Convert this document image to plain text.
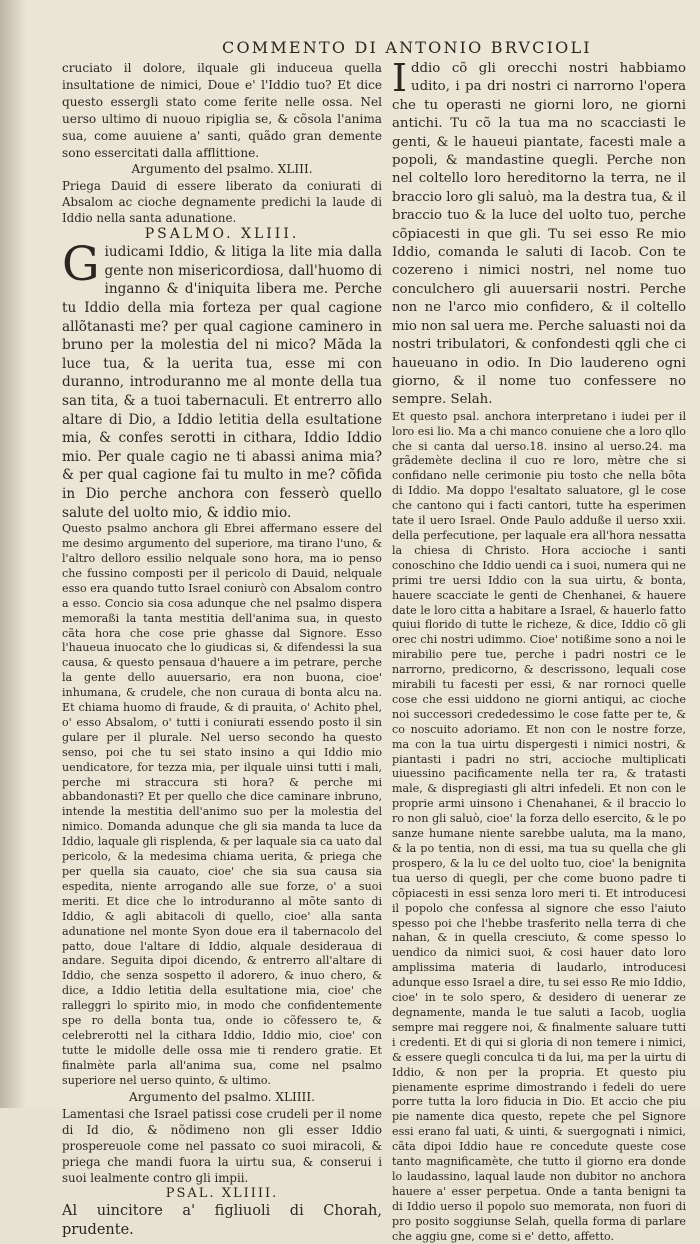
COMMENTO DI ANTONIO BRVCIOLI

cruciato il dolore, ilquale gli induceua quella insultatione de nimici, Doue e' l'Iddio tuo? Et dice questo essergli stato come ferite nelle ossa. Nel uerso ultimo di nuouo ripiglia se, & cõsola l'anima sua, come auuiene a' santi, quãdo gran demente sono essercitati dalla afflittione.

Argumento del psalmo. XLIII.

Priega Dauid di essere liberato da coniurati di Absalom ac cioche degnamente predichi la laude di Iddio nella santa adunatione.

PSALMO. XLIII.

G iudicami Iddio, & litiga la lite mia dalla gente non misericordiosa, dall'huomo di inganno & d'iniquita libera me. Perche tu Iddio della mia forteza per qual cagione allõtanasti me? per qual cagione caminero in bruno per la molestia del ni mico? Mãda la luce tua, & la uerita tua, esse mi con duranno, introduranno me al monte della tua san tita, & a tuoi tabernaculi. Et entrerro allo altare di Dio, a Iddio letitia della esultatione mia, & confes serotti in cithara, Iddio Iddio mio. Per quale cagio ne ti abassi anima mia? & per qual cagione fai tu multo in me? cõfida in Dio perche anchora con fesserò quello salute del uolto mio, & iddio mio.

Questo psalmo anchora gli Ebrei affermano essere del me desimo argumento del superiore, ma tirano l'uno, & l'altro delloro essilio nelquale sono hora, ma io penso che fussino composti per il pericolo di Dauid, nelquale esso era quando tutto Israel coniurò con Absalom contro a esso. Concio sia cosa adunque che nel psalmo dispera memoraßi la tanta mestitia dell'anima sua, in questo cãta hora che cose prie ghasse dal Signore. Esso l'haueua inuocato che lo giudicas si, & difendessi la sua causa, & questo pensaua d'hauere a im petrare, perche la gente dello auuersario, era non buona, cioe' inhumana, & crudele, che non curaua di bonta alcu na. Et chiama huomo di fraude, & di prauita, o' Achito phel, o' esso Absalom, o' tutti i coniurati essendo posto il sin gulare per il plurale. Nel uerso secondo ha questo senso, poi che tu sei stato insino a qui Iddio mio uendicatore, for tezza mia, per ilquale uinsi tutti i mali, perche mi straccura sti hora? & perche mi abbandonasti? Et per quello che dice caminare inbruno, intende la mestitia dell'animo suo per la molestia del nimico. Domanda adunque che gli sia manda ta luce da Iddio, laquale gli risplenda, & per laquale sia ca uato dal pericolo, & la medesima chiama uerita, & priega che per quella sia cauato, cioe' che sia sua causa sia espedita, niente arrogando alle sue forze, o' a suoi meriti. Et dice che lo introduranno al mõte santo di Iddio, & agli abitacoli di quello, cioe' alla santa adunatione nel monte Syon doue era il tabernacolo del patto, doue l'altare di Iddio, alquale desideraua di andare. Seguita dipoi dicendo, & entrerro all'altare di Iddio, che senza sospetto il adorero, & inuo chero, & dice, a Iddio letitia della esultatione mia, cioe' che ralleggri lo spirito mio, in modo che confidentemente spe ro della bonta tua, onde io cõfessero te, & celebrerotti nel la cithara Iddio, Iddio mio, cioe' con tutte le midolle delle ossa mie ti rendero gratie. Et finalmète parla all'anima sua, come nel psalmo superiore nel uerso quinto, & ultimo.

Argumento del psalmo. XLIIII.

Lamentasi che Israel patissi cose crudeli per il nome di Id dio, & nõdimeno non gli esser Iddio prospereuole come nel passato co suoi miracoli, & priega che mandi fuora la uirtu sua, & conserui i suoi lealmente contro gli impii.

PSAL. XLIIII.

Al uincitore a' figliuoli di Chorah, prudente.

I ddio cõ gli orecchi nostri habbiamo udito, i pa dri nostri ci narrorno l'opera che tu operasti ne giorni loro, ne giorni antichi. Tu cõ la tua ma no scacciasti le genti, & le haueui piantate, facesti male a popoli, & mandastine quegli. Perche non nel coltello loro hereditorno la terra, ne il braccio loro gli saluò, ma la destra tua, & il braccio tuo & la luce del uolto tuo, perche cõpiacesti in que gli. Tu sei esso Re mio Iddio, comanda le saluti di Iacob. Con te cozereno i nimici nostri, nel nome tuo conculchero gli auuersarii nostri. Perche non ne l'arco mio confidero, & il coltello mio non sal uera me. Perche saluasti noi da nostri tribulatori, & confondesti qgli che ci haueuano in odio. In Dio laudereno ogni giorno, & il nome tuo confessere no sempre. Selah.

Et questo psal. anchora interpretano i iudei per il loro esi lio. Ma a chi manco conuiene che a loro qllo che si canta dal uerso.18. insino al uerso.24. ma grãdemète declina il cuo re loro, mètre che si confidano nelle cerimonie piu tosto che nella bõta di Iddio. Ma doppo l'esaltato saluatore, gl le cose che cantono qui i facti cantori, tutte ha esperimen tate il uero Israel. Onde Paulo adduße il uerso xxii. della perfecutione, per laquale era all'hora nessatta la chiesa di Christo. Hora accioche i santi conoschino che Iddio uendi ca i suoi, numera qui ne primi tre uersi Iddio con la sua uirtu, & bonta, hauere scacciate le genti de Chenhanei, & hauere date le loro citta a habitare a Israel, & hauerlo fatto quiui florido di tutte le richeze, & dice, Iddio cõ gli orec chi nostri udimmo. Cioe' notißime sono a noi le mirabilio pere tue, perche i padri nostri ce le narrorno, predicorno, & descrissono, lequali cose mirabili tu facesti per essi, & nar rornoci quelle cose che essi uiddono ne giorni antiqui, ac cioche noi successori crededessimo le cose fatte per te, & co noscuito adoriamo. Et non con le nostre forze, ma con la tua uirtu dispergesti i nimici nostri, & piantasti i padri no stri, accioche multiplicati uiuessino pacificamente nella ter ra, & tratasti male, & dispregiasti gli altri infedeli. Et non con le proprie armi uinsono i Chenahanei, & il braccio lo ro non gli saluò, cioe' la forza dello esercito, & le po sanze humane niente sarebbe ualuta, ma la mano, & la po tentia, non di essi, ma tua su quella che gli prospero, & la lu ce del uolto tuo, cioe' la benignita tua uerso di quegli, per che come buono padre ti cõpiacesti in essi senza loro meri ti. Et introducesi il popolo che confessa al signore che esso l'aiuto spesso poi che l'hebbe trasferito nella terra di che nahan, & in quella cresciuto, & come spesso lo uendico da nimici suoi, & cosi hauer dato loro amplissima materia di laudarlo, introducesi adunque esso Israel a dire, tu sei esso Re mio Iddio, cioe' in te solo spero, & desidero di uenerar ze degnamente, manda le tue saluti a Iacob, uoglia sempre mai reggere noi, & finalmente saluare tutti i credenti. Et di qui si gloria di non temere i nimici, & essere quegli conculca ti da lui, ma per la uirtu di Iddio, & non per la propria. Et questo piu pienamente esprime dimostrando i fedeli do uere porre tutta la loro fiducia in Dio. Et accio che piu pie namente dica questo, repete che pel Signore essi erano fal uati, & uinti, & suergognati i nimici, cãta dipoi Iddio haue re concedute queste cose tanto magnificamète, che tutto il giorno era donde lo laudassino, laqual laude non dubitor no anchora hauere a' esser perpetua. Onde a tanta benigni ta di Iddio uerso il popolo suo memorata, non fuori di pro posito soggiunse Selah, quella forma di parlare che aggiu gne, come si e' detto, affetto.
